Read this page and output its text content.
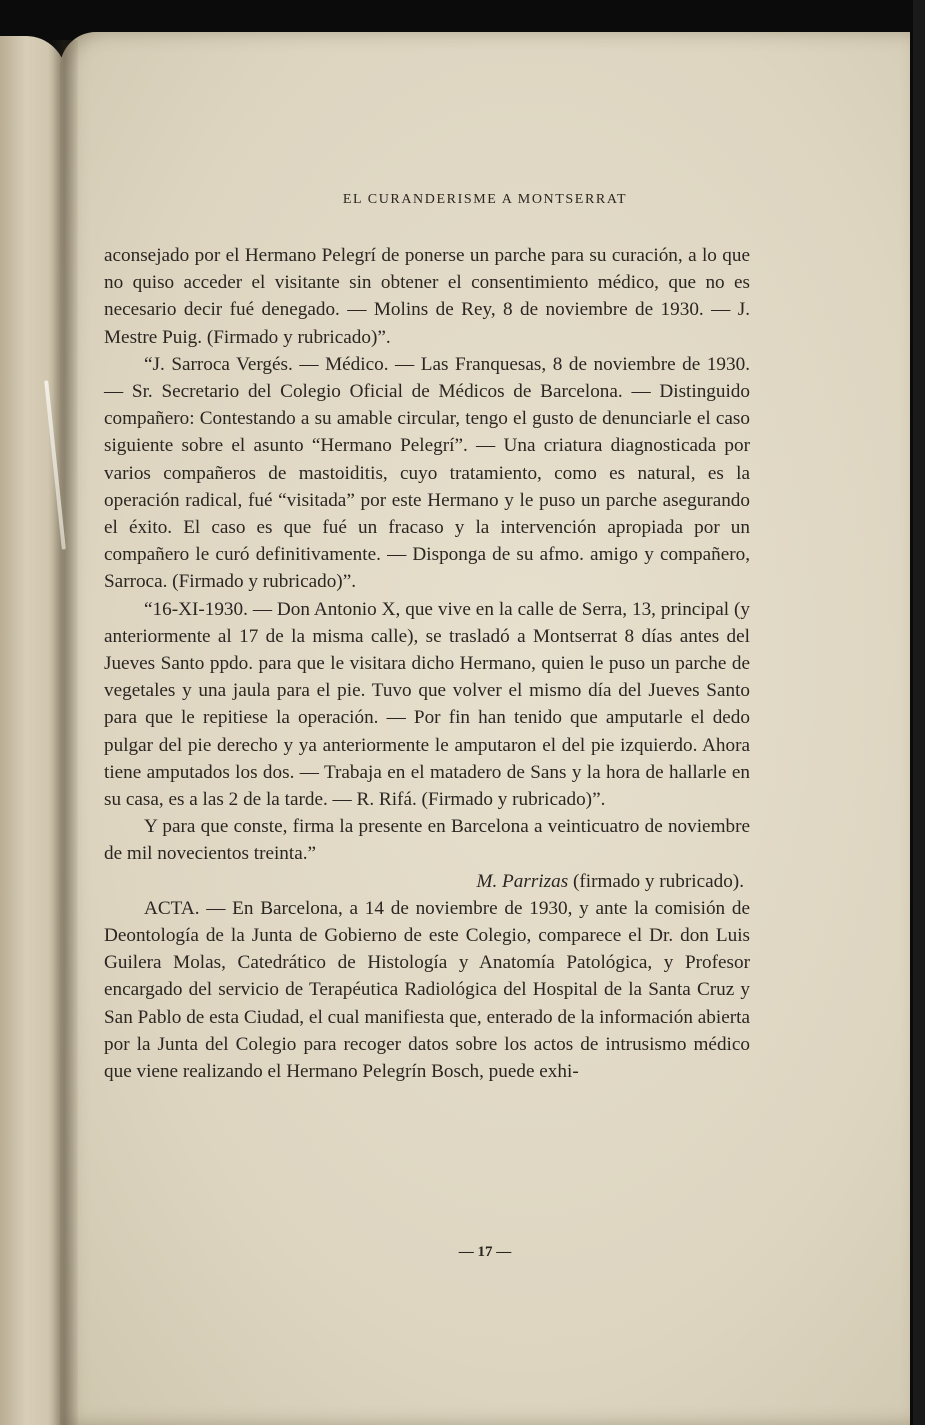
EL CURANDERISME A MONTSERRAT

aconsejado por el Hermano Pelegrí de ponerse un parche para su curación, a lo que no quiso acceder el visitante sin obtener el consentimiento médico, que no es necesario decir fué denegado. — Molins de Rey, 8 de noviembre de 1930. — J. Mestre Puig. (Firmado y rubricado)”.

“J. Sarroca Vergés. — Médico. — Las Franquesas, 8 de noviembre de 1930. — Sr. Secretario del Colegio Oficial de Médicos de Barcelona. — Distinguido compañero: Contestando a su amable circular, tengo el gusto de denunciarle el caso siguiente sobre el asunto “Hermano Pelegrí”. — Una criatura diagnosticada por varios compañeros de mastoiditis, cuyo tratamiento, como es natural, es la operación radical, fué “visitada” por este Hermano y le puso un parche asegurando el éxito. El caso es que fué un fracaso y la intervención apropiada por un compañero le curó definitivamente. — Disponga de su afmo. amigo y compañero, Sarroca. (Firmado y rubricado)”.

“16-XI-1930. — Don Antonio X, que vive en la calle de Serra, 13, principal (y anteriormente al 17 de la misma calle), se trasladó a Montserrat 8 días antes del Jueves Santo ppdo. para que le visitara dicho Hermano, quien le puso un parche de vegetales y una jaula para el pie. Tuvo que volver el mismo día del Jueves Santo para que le repitiese la operación. — Por fin han tenido que amputarle el dedo pulgar del pie derecho y ya anteriormente le amputaron el del pie izquierdo. Ahora tiene amputados los dos. — Trabaja en el matadero de Sans y la hora de hallarle en su casa, es a las 2 de la tarde. — R. Rifá. (Firmado y rubricado)”.

Y para que conste, firma la presente en Barcelona a veinticuatro de noviembre de mil novecientos treinta.”

M. Parrizas (firmado y rubricado).

ACTA. — En Barcelona, a 14 de noviembre de 1930, y ante la comisión de Deontología de la Junta de Gobierno de este Colegio, comparece el Dr. don Luis Guilera Molas, Catedrático de Histología y Anatomía Patológica, y Profesor encargado del servicio de Terapéutica Radiológica del Hospital de la Santa Cruz y San Pablo de esta Ciudad, el cual manifiesta que, enterado de la información abierta por la Junta del Colegio para recoger datos sobre los actos de intrusismo médico que viene realizando el Hermano Pelegrín Bosch, puede exhi-

— 17 —
